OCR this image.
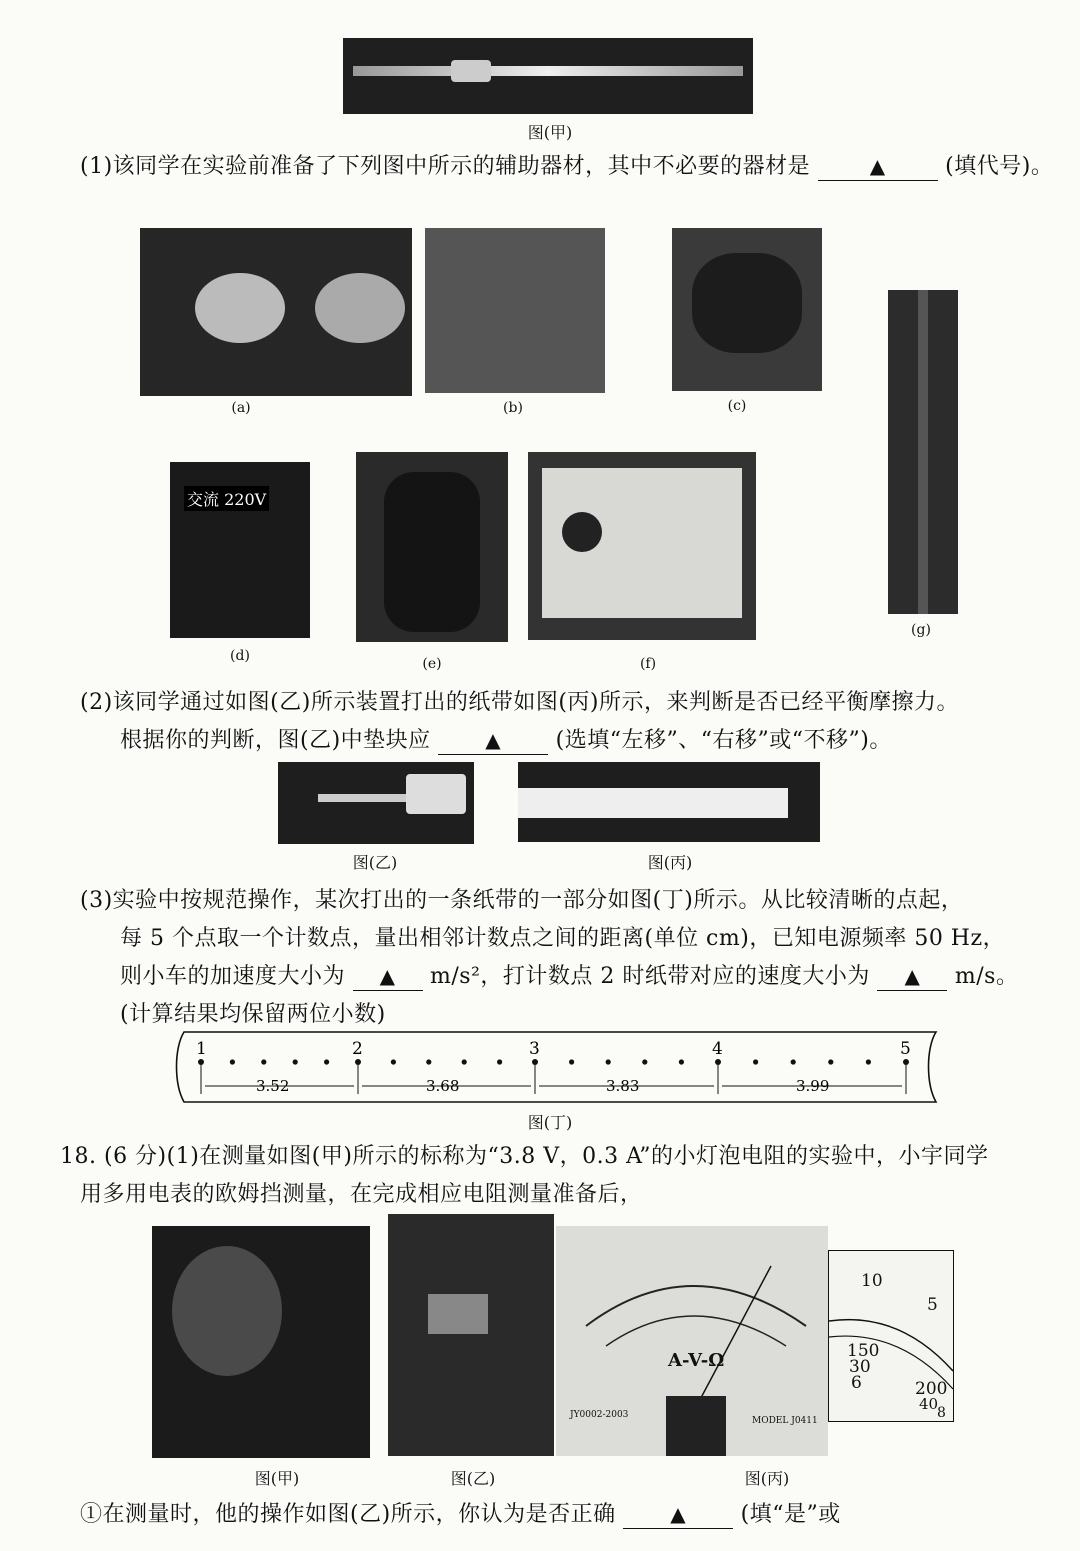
图(甲)
(1)该同学在实验前准备了下列图中所示的辅助器材，其中不必要的器材是	▲	(填代号)。
(a)	(b)	(c)
(g)
交流 220V
(d)	(e)	(f)
(2)该同学通过如图(乙)所示装置打出的纸带如图(丙)所示，来判断是否已经平衡摩擦力。
根据你的判断，图(乙)中垫块应	▲ (选填“左移”、“右移”或“不移”)。
图(乙)	图(丙)
(3)实验中按规范操作，某次打出的一条纸带的一部分如图(丁)所示。从比较清晰的点起，
每 5 个点取一个计数点，量出相邻计数点之间的距离(单位 cm)，已知电源频率 50 Hz，
则小车的加速度大小为 ▲ m/s²，打计数点 2 时纸带对应的速度大小为 ▲ m/s。
(计算结果均保留两位小数)
1	2	3	4	5
3.52	3.68	3.83	3.99
图(丁)
18. (6 分)(1)在测量如图(甲)所示的标称为“3.8 V，0.3 A”的小灯泡电阻的实验中，小宇同学
用多用电表的欧姆挡测量，在完成相应电阻测量准备后，
图(甲)	图(乙)
A-V-Ω
JY0002-2003
MODEL J0411
10
5
150
30
6	200
40
8
图(丙)
①在测量时，他的操作如图(乙)所示，你认为是否正确	▲ (填“是”或
